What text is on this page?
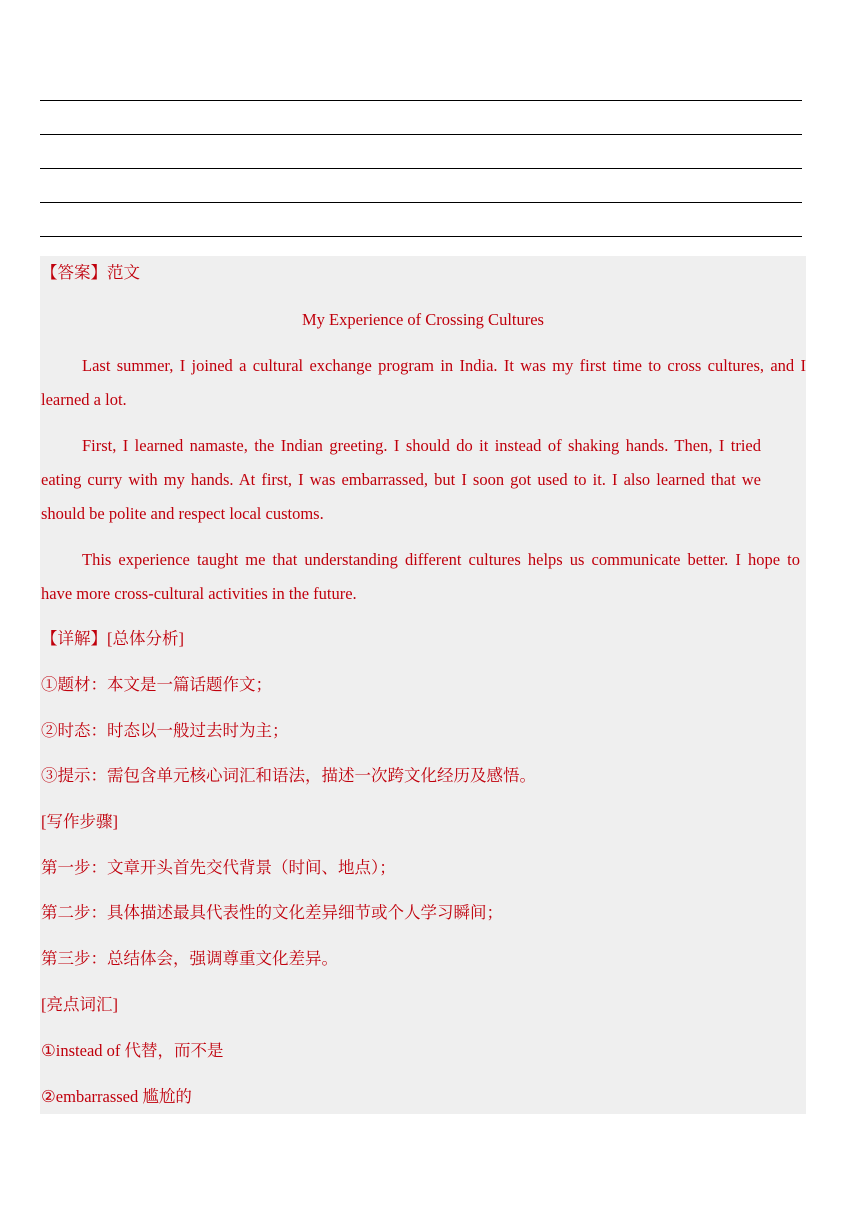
【答案】范文
My Experience of Crossing Cultures
Last summer, I joined a cultural exchange program in India. It was my first time to cross cultures, and I
learned a lot.
First, I learned namaste, the Indian greeting. I should do it instead of shaking hands. Then, I tried
eating curry with my hands. At first, I was embarrassed, but I soon got used to it. I also learned that we
should be polite and respect local customs.
This experience taught me that understanding different cultures helps us communicate better. I hope to
have more cross-cultural activities in the future.
【详解】[总体分析]
①题材：本文是一篇话题作文；
②时态：时态以一般过去时为主；
③提示：需包含单元核心词汇和语法，描述一次跨文化经历及感悟。
[写作步骤]
第一步：文章开头首先交代背景（时间、地点）；
第二步：具体描述最具代表性的文化差异细节或个人学习瞬间；
第三步：总结体会，强调尊重文化差异。
[亮点词汇]
①instead of 代替，而不是
②embarrassed 尴尬的
